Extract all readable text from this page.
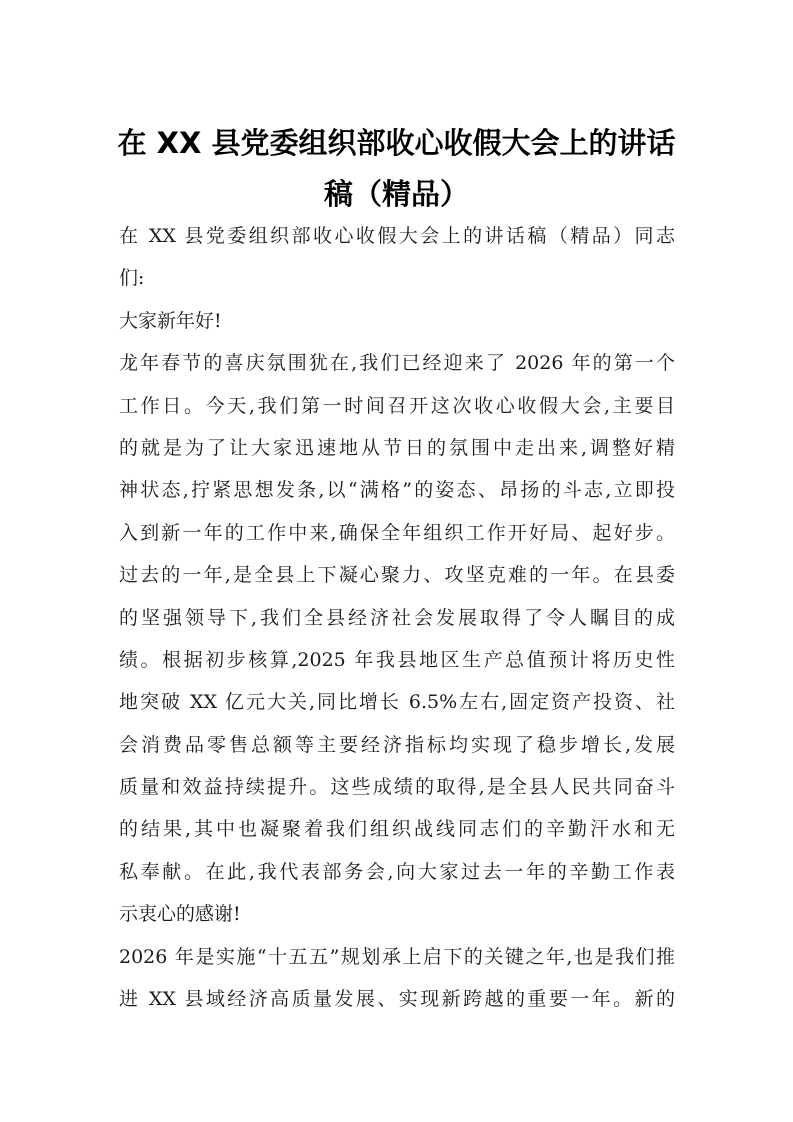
在 XX 县党委组织部收心收假大会上的讲话
稿（精品）
在 XX 县党委组织部收心收假大会上的讲话稿（精品）同志
们:
大家新年好!
龙年春节的喜庆氛围犹在,我们已经迎来了 2026 年的第一个
工作日。今天,我们第一时间召开这次收心收假大会,主要目
的就是为了让大家迅速地从节日的氛围中走出来,调整好精
神状态,拧紧思想发条,以“满格”的姿态、昂扬的斗志,立即投
入到新一年的工作中来,确保全年组织工作开好局、起好步。
过去的一年,是全县上下凝心聚力、攻坚克难的一年。在县委
的坚强领导下,我们全县经济社会发展取得了令人瞩目的成
绩。根据初步核算,2025 年我县地区生产总值预计将历史性
地突破 XX 亿元大关,同比增长 6.5%左右,固定资产投资、社
会消费品零售总额等主要经济指标均实现了稳步增长,发展
质量和效益持续提升。这些成绩的取得,是全县人民共同奋斗
的结果,其中也凝聚着我们组织战线同志们的辛勤汗水和无
私奉献。在此,我代表部务会,向大家过去一年的辛勤工作表
示衷心的感谢!
2026 年是实施“十五五”规划承上启下的关键之年,也是我们推
进 XX 县域经济高质量发展、实现新跨越的重要一年。新的
